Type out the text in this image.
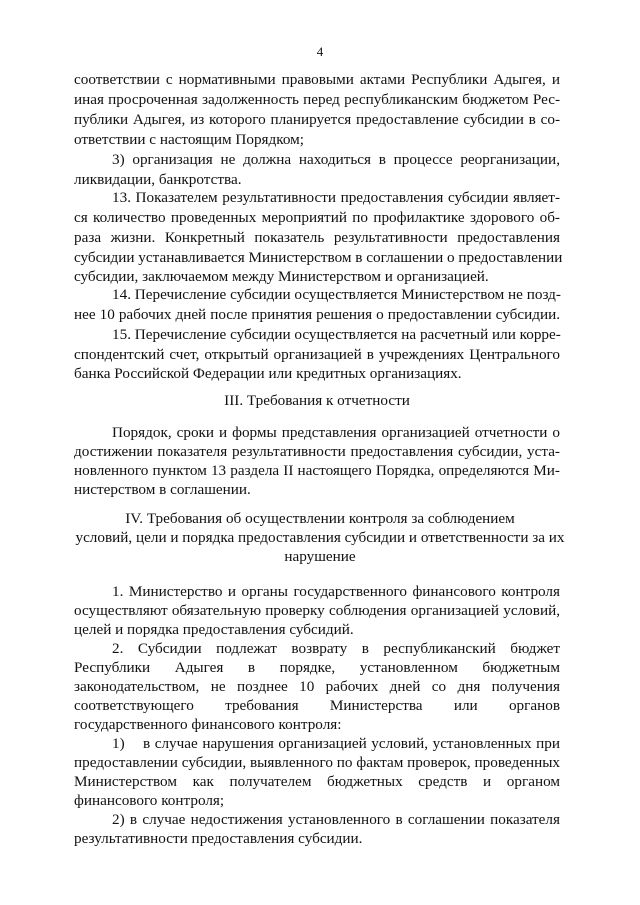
4
соответствии с нормативными правовыми актами Республики Адыгея, и
иная просроченная задолженность перед республиканским бюджетом Рес-
публики Адыгея, из которого планируется предоставление субсидии в со-
ответствии с настоящим Порядком;
3) организация не должна находиться в процессе реорганизации,
ликвидации, банкротства.
13. Показателем результативности предоставления субсидии являет-
ся количество проведенных мероприятий по профилактике здорового об-
раза жизни. Конкретный показатель результативности предоставления
субсидии устанавливается Министерством в соглашении о предоставлении
субсидии, заключаемом между Министерством и организацией.
14. Перечисление субсидии осуществляется Министерством не позд-
нее 10 рабочих дней после принятия решения о предоставлении субсидии.
15. Перечисление субсидии осуществляется на расчетный или корре-
спондентский счет, открытый организацией в учреждениях Центрального
банка Российской Федерации или кредитных организациях.
III. Требования к отчетности
Порядок, сроки и формы представления организацией отчетности о
достижении показателя результативности предоставления субсидии, уста-
новленного пунктом 13 раздела II настоящего Порядка, определяются Ми-
нистерством в соглашении.
IV. Требования об осуществлении контроля за соблюдением
условий, цели и порядка предоставления субсидии и ответственности за их
нарушение
1. Министерство и органы государственного финансового контроля
осуществляют обязательную проверку соблюдения организацией условий,
целей и порядка предоставления субсидий.
2. Субсидии подлежат возврату в республиканский бюджет
Республики Адыгея в порядке, установленном бюджетным
законодательством, не позднее 10 рабочих дней со дня получения
соответствующего требования Министерства или органов
государственного финансового контроля:
1)    в случае нарушения организацией условий, установленных при
предоставлении субсидии, выявленного по фактам проверок, проведенных
Министерством как получателем бюджетных средств и органом
финансового контроля;
2) в случае недостижения установленного в соглашении показателя
результативности предоставления субсидии.
